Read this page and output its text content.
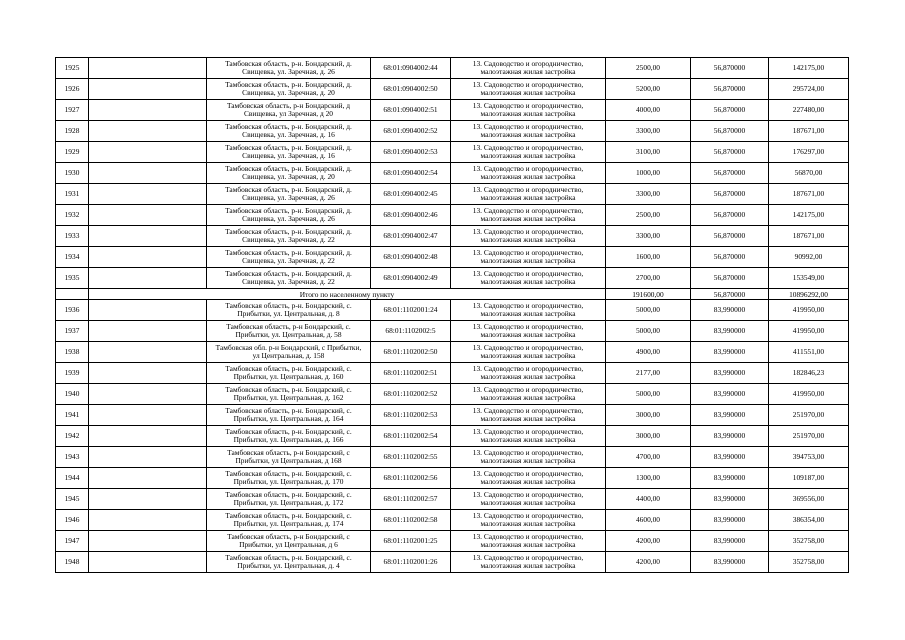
1925		Тамбовская область, р-н. Бондарский, д.
Свищевка, ул. Заречная, д. 26	68:01:0904002:44	13. Садоводство и огородничество,
малоэтажная жилая застройка	2500,00	56,870000	142175,00
1926		Тамбовская область, р-н. Бондарский, д.
Свищевка, ул. Заречная, д. 20	68:01:0904002:50	13. Садоводство и огородничество,
малоэтажная жилая застройка	5200,00	56,870000	295724,00
1927		Тамбовская область, р-н Бондарский, д
Свищевка, ул Заречная, д 20	68:01:0904002:51	13. Садоводство и огородничество,
малоэтажная жилая застройка	4000,00	56,870000	227480,00
1928		Тамбовская область, р-н. Бондарский, д.
Свищевка, ул. Заречная, д. 16	68:01:0904002:52	13. Садоводство и огородничество,
малоэтажная жилая застройка	3300,00	56,870000	187671,00
1929		Тамбовская область, р-н. Бондарский, д.
Свищевка, ул. Заречная, д. 16	68:01:0904002:53	13. Садоводство и огородничество,
малоэтажная жилая застройка	3100,00	56,870000	176297,00
1930		Тамбовская область, р-н. Бондарский, д.
Свищевка, ул. Заречная, д. 20	68:01:0904002:54	13. Садоводство и огородничество,
малоэтажная жилая застройка	1000,00	56,870000	56870,00
1931		Тамбовская область, р-н. Бондарский, д.
Свищевка, ул. Заречная, д. 26	68:01:0904002:45	13. Садоводство и огородничество,
малоэтажная жилая застройка	3300,00	56,870000	187671,00
1932		Тамбовская область, р-н. Бондарский, д.
Свищевка, ул. Заречная, д. 26	68:01:0904002:46	13. Садоводство и огородничество,
малоэтажная жилая застройка	2500,00	56,870000	142175,00
1933		Тамбовская область, р-н. Бондарский, д.
Свищевка, ул. Заречная, д. 22	68:01:0904002:47	13. Садоводство и огородничество,
малоэтажная жилая застройка	3300,00	56,870000	187671,00
1934		Тамбовская область, р-н. Бондарский, д.
Свищевка, ул. Заречная, д. 22	68:01:0904002:48	13. Садоводство и огородничество,
малоэтажная жилая застройка	1600,00	56,870000	90992,00
1935		Тамбовская область, р-н. Бондарский, д.
Свищевка, ул. Заречная, д. 22	68:01:0904002:49	13. Садоводство и огородничество,
малоэтажная жилая застройка	2700,00	56,870000	153549,00
	Итого по населенному пункту				191600,00	56,870000	10896292,00
1936		Тамбовская область, р-н. Бондарский, с.
Прибытки, ул. Центральная, д. 8	68:01:1102001:24	13. Садоводство и огородничество,
малоэтажная жилая застройка	5000,00	83,990000	419950,00
1937		Тамбовская область, р-н Бондарский, с.
Прибытки, ул. Центральная, д. 58	68:01:1102002:5	13. Садоводство и огородничество,
малоэтажная жилая застройка	5000,00	83,990000	419950,00
1938		Тамбовская обл. р-н Бондарский, с Прибытки,
ул Центральная, д. 158	68:01:1102002:50	13. Садоводство и огородничество,
малоэтажная жилая застройка	4900,00	83,990000	411551,00
1939		Тамбовская область, р-н. Бондарский, с.
Прибытки, ул. Центральная, д. 160	68:01:1102002:51	13. Садоводство и огородничество,
малоэтажная жилая застройка	2177,00	83,990000	182846,23
1940		Тамбовская область, р-н. Бондарский, с.
Прибытки, ул. Центральная, д. 162	68:01:1102002:52	13. Садоводство и огородничество,
малоэтажная жилая застройка	5000,00	83,990000	419950,00
1941		Тамбовская область, р-н. Бондарский, с.
Прибытки, ул. Центральная, д. 164	68:01:1102002:53	13. Садоводство и огородничество,
малоэтажная жилая застройка	3000,00	83,990000	251970,00
1942		Тамбовская область, р-н. Бондарский, с.
Прибытки, ул. Центральная, д. 166	68:01:1102002:54	13. Садоводство и огородничество,
малоэтажная жилая застройка	3000,00	83,990000	251970,00
1943		Тамбовская область, р-н Бондарский, с
Прибытки, ул Центральная, д 168	68:01:1102002:55	13. Садоводство и огородничество,
малоэтажная жилая застройка	4700,00	83,990000	394753,00
1944		Тамбовская область, р-н. Бондарский, с.
Прибытки, ул. Центральная, д. 170	68:01:1102002:56	13. Садоводство и огородничество,
малоэтажная жилая застройка	1300,00	83,990000	109187,00
1945		Тамбовская область, р-н. Бондарский, с.
Прибытки, ул. Центральная, д. 172	68:01:1102002:57	13. Садоводство и огородничество,
малоэтажная жилая застройка	4400,00	83,990000	369556,00
1946		Тамбовская область, р-н. Бондарский, с.
Прибытки, ул. Центральная, д. 174	68:01:1102002:58	13. Садоводство и огородничество,
малоэтажная жилая застройка	4600,00	83,990000	386354,00
1947		Тамбовская область, р-н Бондарский, с
Прибытки, ул Центральная, д 6	68:01:1102001:25	13. Садоводство и огородничество,
малоэтажная жилая застройка	4200,00	83,990000	352758,00
1948		Тамбовская область, р-н. Бондарский, с.
Прибытки, ул. Центральная, д. 4	68:01:1102001:26	13. Садоводство и огородничество,
малоэтажная жилая застройка	4200,00	83,990000	352758,00
